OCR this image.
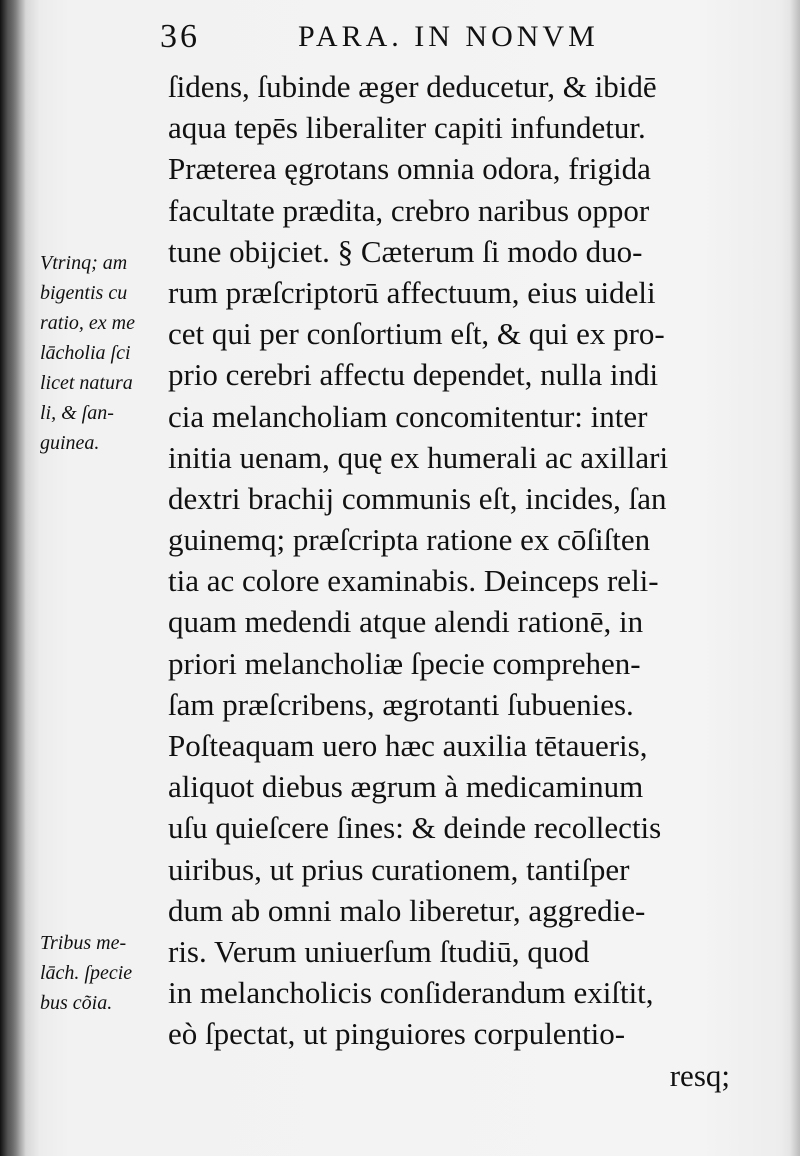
36	PARA. IN NONVM
Vtrinq; am
bigentis cu
ratio, ex me
lācholia ſci
licet natura
li, & ſan-
guinea.
Tribus me-
lāch. ſpecie
bus cõia.
ſidens, ſubinde æger deducetur, & ibidē
aqua tepēs liberaliter capiti infundetur.
Præterea ęgrotans omnia odora, frigida
facultate prædita, crebro naribus oppor
tune obijciet. § Cæterum ſi modo duo-
rum præſcriptorū affectuum, eius uideli
cet qui per conſortium eſt, & qui ex pro-
prio cerebri affectu dependet, nulla indi
cia melancholiam concomitentur: inter
initia uenam, quę ex humerali ac axillari
dextri brachij communis eſt, incides, ſan
guinemq; præſcripta ratione ex cōſiſten
tia ac colore examinabis. Deinceps reli-
quam medendi atque alendi rationē, in
priori melancholiæ ſpecie comprehen-
ſam præſcribens, ægrotanti ſubuenies.
Poſteaquam uero hæc auxilia tētaueris,
aliquot diebus ægrum à medicaminum
uſu quieſcere ſines: & deinde recollectis
uiribus, ut prius curationem, tantiſper
dum ab omni malo liberetur, aggredie-
ris. Verum uniuerſum ſtudiū, quod
in melancholicis conſiderandum exiſtit,
eò ſpectat, ut pinguiores corpulentio-
resq;
